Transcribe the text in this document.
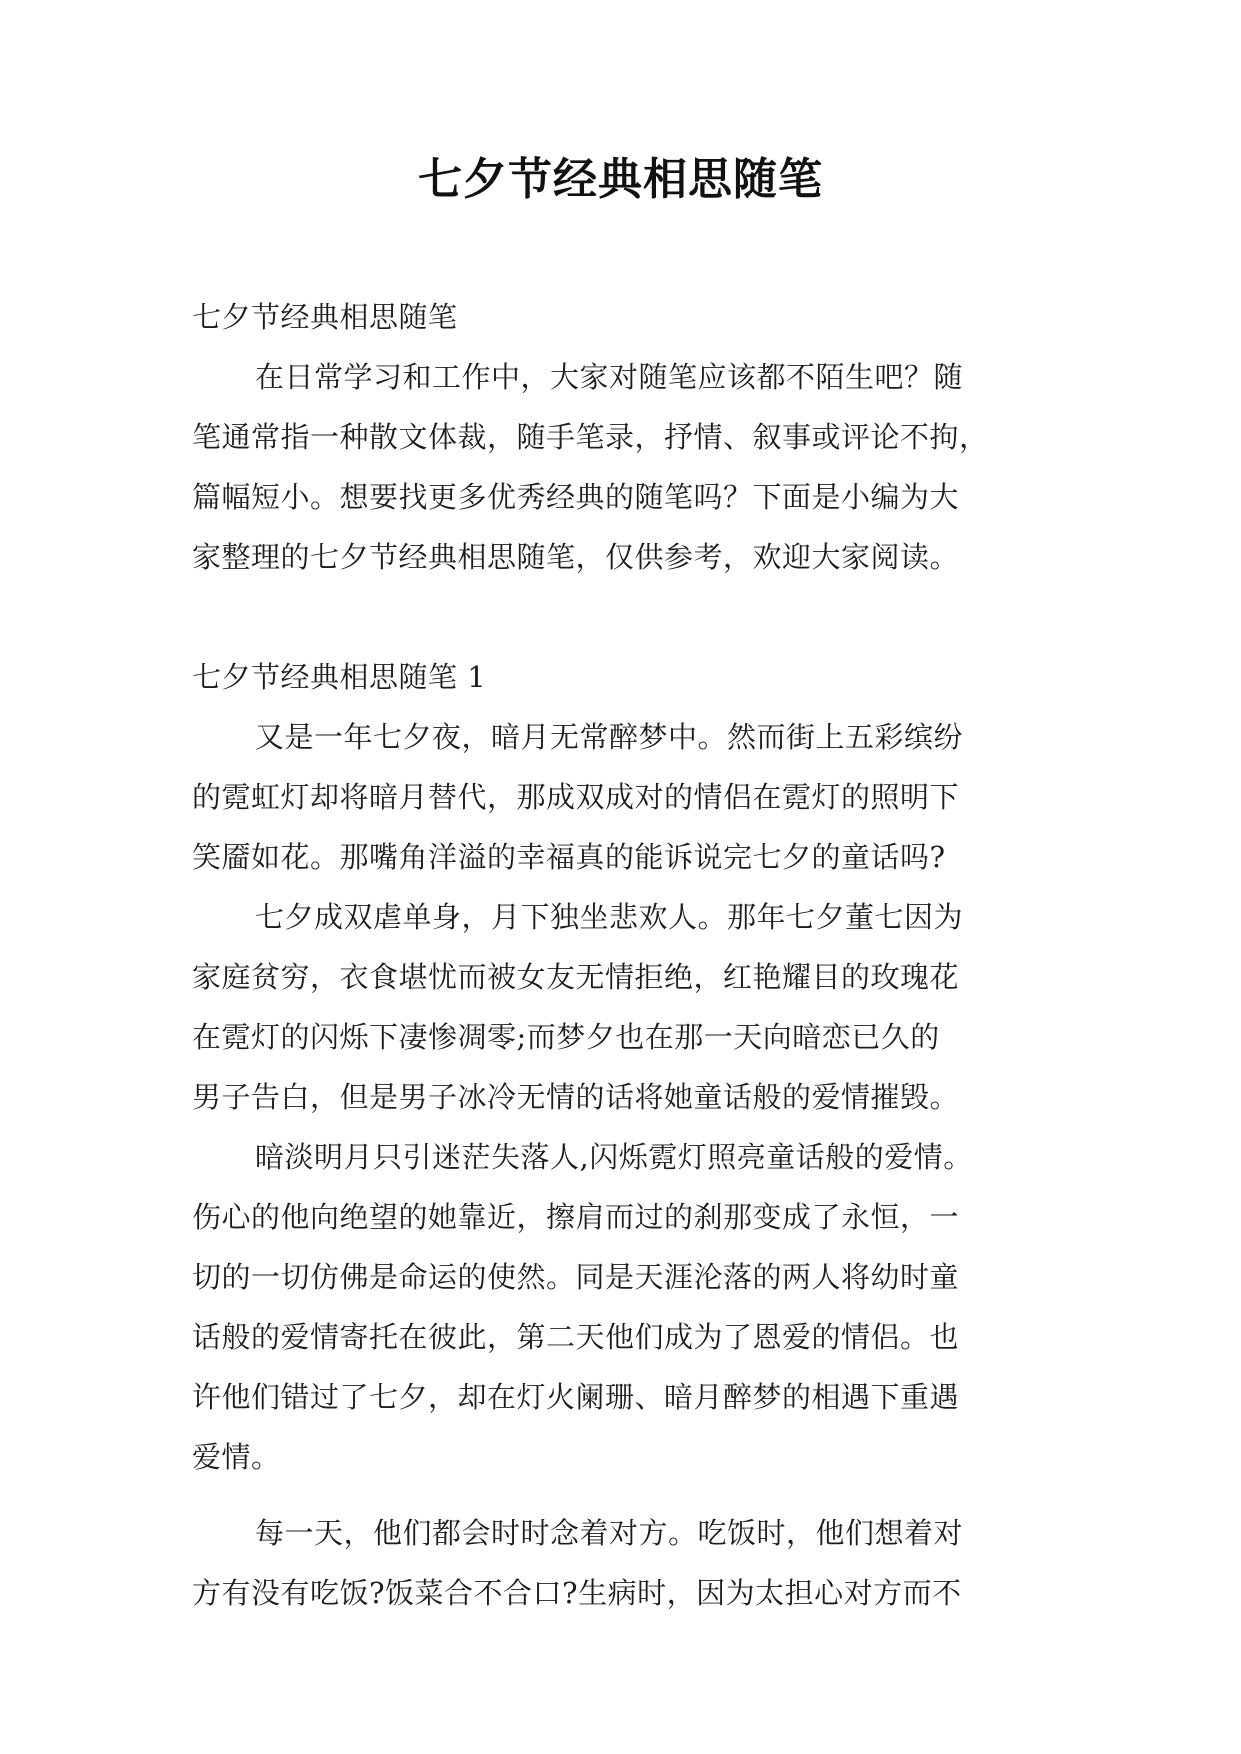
七夕节经典相思随笔
七夕节经典相思随笔
在日常学习和工作中，大家对随笔应该都不陌生吧？随
笔通常指一种散文体裁，随手笔录，抒情、叙事或评论不拘，
篇幅短小。想要找更多优秀经典的随笔吗？下面是小编为大
家整理的七夕节经典相思随笔，仅供参考，欢迎大家阅读。
七夕节经典相思随笔 1
又是一年七夕夜，暗月无常醉梦中。然而街上五彩缤纷
的霓虹灯却将暗月替代，那成双成对的情侣在霓灯的照明下
笑靥如花。那嘴角洋溢的幸福真的能诉说完七夕的童话吗?
七夕成双虐单身，月下独坐悲欢人。那年七夕董七因为
家庭贫穷，衣食堪忧而被女友无情拒绝，红艳耀目的玫瑰花
在霓灯的闪烁下凄惨凋零;而梦夕也在那一天向暗恋已久的
男子告白，但是男子冰冷无情的话将她童话般的爱情摧毁。
暗淡明月只引迷茫失落人,闪烁霓灯照亮童话般的爱情。
伤心的他向绝望的她靠近，擦肩而过的刹那变成了永恒，一
切的一切仿佛是命运的使然。同是天涯沦落的两人将幼时童
话般的爱情寄托在彼此，第二天他们成为了恩爱的情侣。也
许他们错过了七夕，却在灯火阑珊、暗月醉梦的相遇下重遇
爱情。
每一天，他们都会时时念着对方。吃饭时，他们想着对
方有没有吃饭?饭菜合不合口?生病时，因为太担心对方而不
